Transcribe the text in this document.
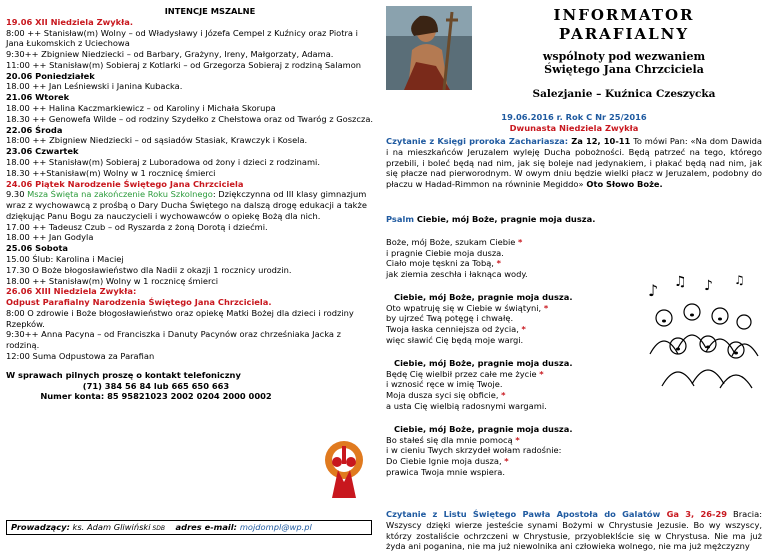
INTENCJE MSZALNE

19.06 XII Niedziela Zwykła.

8:00 ++ Stanisław(m) Wolny – od Władysławy i Józefa Cempel z Kuźnicy oraz Piotra i Jana Łukomskich z Uciechowa

9:30++ Zbigniew Niedziecki – od Barbary, Grażyny, Ireny, Małgorzaty, Adama.

11:00 ++ Stanisław(m) Sobieraj z Kotlarki – od Grzegorza Sobieraj z rodziną Salamon

20.06 Poniedziałek

18.00 ++ Jan Leśniewski i Janina Kubacka.

21.06 Wtorek

18.00 ++ Halina Kaczmarkiewicz – od Karoliny i Michała Skorupa

18.30 ++ Genowefa Wilde – od rodziny Szydełko z Chełstowa oraz od Twaróg z Goszcza.

22.06 Środa

18:00 ++ Zbigniew Niedziecki – od sąsiadów Stasiak, Krawczyk i Kosela.

23.06 Czwartek

18.00 ++ Stanisław(m) Sobieraj z Luboradowa od żony i dzieci z rodzinami.

18.30 ++Stanisław(m) Wolny w 1 rocznicę śmierci

24.06 Piątek Narodzenie Świętego Jana Chrzciciela

9.30 Msza Święta na zakończenie Roku Szkolnego: Dziękczynna od III klasy gimnazjum wraz z wychowawcą z prośbą o Dary Ducha Świętego na dalszą drogę edukacji a także dziękując Panu Bogu za nauczycieli i wychowawców o opiekę Bożą dla nich.

17.00 ++ Tadeusz Czub – od Ryszarda z żoną Dorotą i dziećmi.

18.00 ++ Jan Godyla

25.06 Sobota

15.00 Ślub: Karolina i Maciej

17.30 O Boże błogosławieństwo dla Nadii z okazji 1 rocznicy urodzin.

18.00 ++ Stanisław(m) Wolny w 1 rocznicę śmierci

26.06 XIII Niedziela Zwykła:

Odpust Parafialny Narodzenia Świętego Jana Chrzciciela.

8:00 O zdrowie i Boże błogosławieństwo oraz opiekę Matki Bożej dla dzieci i rodziny Rzepków.

9:30++ Anna Pacyna – od Franciszka i Danuty Pacynów oraz chrześniaka Jacka z rodziną.

12:00 Suma Odpustowa za Parafian

W sprawach pilnych proszę o kontakt telefoniczny

(71) 384 56 84 lub 665 650 663

Numer konta: 85 95821023 2002 0204 2000 0002

Prowadzący: ks. Adam Gliwiński SDB adres e-mail: mojdompl@wp.pl
INFORMATOR
PARAFIALNY
wspólnoty pod wezwaniem
Świętego Jana Chrzciciela
Salezjanie – Kuźnica Czeszycka
19.06.2016 r. Rok C Nr 25/2016
Dwunasta Niedziela Zwykła

Czytanie z Księgi proroka Zachariasza: Za 12, 10-11 To mówi Pan: «Na dom Dawida i na mieszkańców Jeruzalem wyleję Ducha pobożności. Będą patrzeć na tego, którego przebili, i boleć będą nad nim, jak się boleje nad jedynakiem, i płakać będą nad nim, jak się płacze nad pierworodnym. W owym dniu będzie wielki płacz w Jeruzalem, podobny do płaczu w Hadad-Rimmon na równinie Megiddo» Oto Słowo Boże.

Psalm Ciebie, mój Boże, pragnie moja dusza.

Boże, mój Boże, szukam Ciebie *

i pragnie Ciebie moja dusza.

Ciało moje tęskni za Tobą, *

jak ziemia zeschła i łaknąca wody.

Ciebie, mój Boże, pragnie moja dusza.

Oto wpatruję się w Ciebie w świątyni, *

by ujrzeć Twą potęgę i chwałę.

Twoja łaska cenniejsza od życia, *

więc sławić Cię będą moje wargi.

Ciebie, mój Boże, pragnie moja dusza.

Będę Cię wielbił przez całe me życie *

i wznosić ręce w imię Twoje.

Moja dusza syci się obficie, *

a usta Cię wielbią radosnymi wargami.

Ciebie, mój Boże, pragnie moja dusza.

Bo stałeś się dla mnie pomocą *

i w cieniu Twych skrzydeł wołam radośnie:

Do Ciebie lgnie moja dusza, *

prawica Twoja mnie wspiera.

♪ ♫ ♪ ♫

Czytanie z Listu Świętego Pawła Apostoła do Galatów Ga 3, 26-29 Bracia: Wszyscy dzięki wierze jesteście synami Bożymi w Chrystusie Jezusie. Bo wy wszyscy, którzy zostaliście ochrzczeni w Chrystusie, przyobleklście się w Chrystusa. Nie ma już żyda ani poganina, nie ma już niewolnika ani człowieka wolnego, nie ma już mężczyzny
